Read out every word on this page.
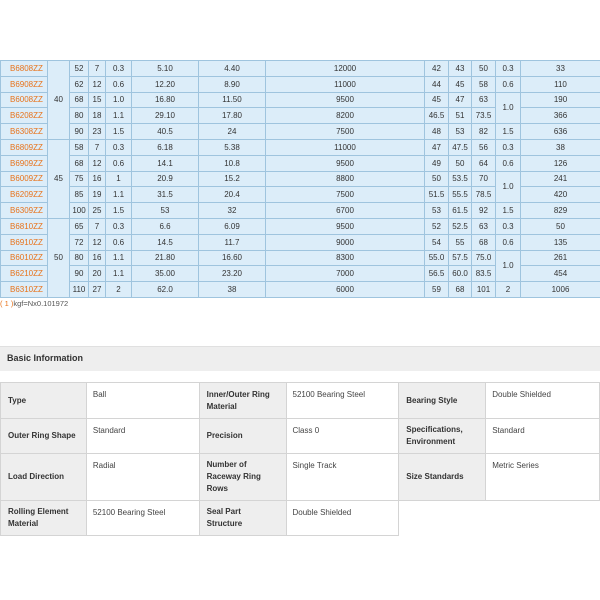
B6808ZZ	40	52	7	0.3	5.10	4.40	12000	42	43	50	0.3	33
B6908ZZ		62	12	0.6	12.20	8.90	11000	44	45	58	0.6	110
B6008ZZ		68	15	1.0	16.80	11.50	9500	45	47	63	1.0	190
B6208ZZ		80	18	1.1	29.10	17.80	8200	46.5	51	73.5		366
B6308ZZ		90	23	1.5	40.5	24	7500	48	53	82	1.5	636
B6809ZZ	45	58	7	0.3	6.18	5.38	11000	47	47.5	56	0.3	38
B6909ZZ		68	12	0.6	14.1	10.8	9500	49	50	64	0.6	126
B6009ZZ		75	16	1	20.9	15.2	8800	50	53.5	70	1.0	241
B6209ZZ		85	19	1.1	31.5	20.4	7500	51.5	55.5	78.5		420
B6309ZZ		100	25	1.5	53	32	6700	53	61.5	92	1.5	829
B6810ZZ	50	65	7	0.3	6.6	6.09	9500	52	52.5	63	0.3	50
B6910ZZ		72	12	0.6	14.5	11.7	9000	54	55	68	0.6	135
B6010ZZ		80	16	1.1	21.80	16.60	8300	55.0	57.5	75.0	1.0	261
B6210ZZ		90	20	1.1	35.00	23.20	7000	56.5	60.0	83.5		454
B6310ZZ		110	27	2	62.0	38	6000	59	68	101	2	1006
( 1 )kgf=Nx0.101972
Basic Information
Type	Ball	Inner/Outer Ring Material	52100 Bearing Steel	Bearing Style	Double Shielded
Outer Ring Shape	Standard	Precision	Class 0	Specifications, Environment	Standard
Load Direction	Radial	Number of Raceway Ring Rows	Single Track	Size Standards	Metric Series
Rolling Element Material	52100 Bearing Steel	Seal Part Structure	Double Shielded		
